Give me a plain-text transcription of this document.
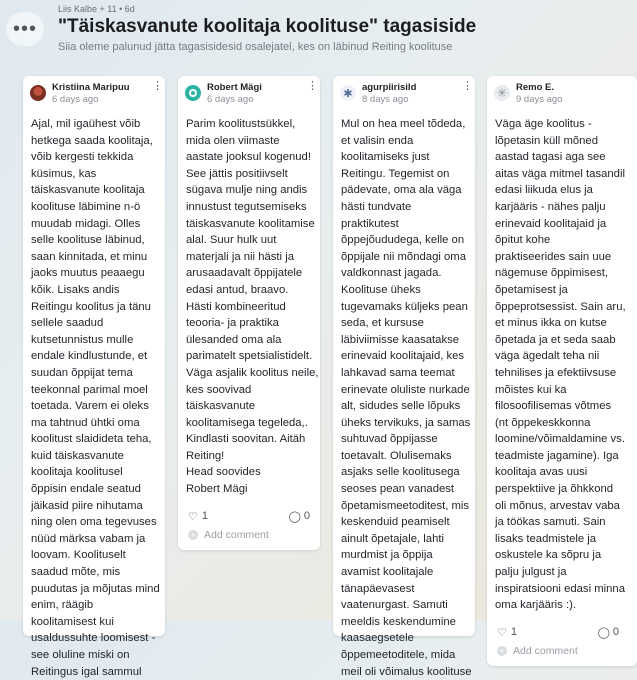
•••
Liis Kalbe + 11 • 6d
"Täiskasvanute koolitaja koolituse" tagasiside
Siia oleme palunud jätta tagasisidesid osalejatel, kes on läbinud Reiting koolituse
Kristiina Maripuu
6 days ago
⋮

Ajal, mil igaühest võib

hetkega saada koolitaja,

võib kergesti tekkida

küsimus, kas

täiskasvanute koolitaja

koolituse läbimine n-ö

muudab midagi. Olles

selle koolituse läbinud,

saan kinnitada, et minu

jaoks muutus peaaegu

kõik. Lisaks andis

Reitingu koolitus ja tänu

sellele saadud

kutsetunnistus mulle

endale kindlustunde, et

suudan õppijat tema

teekonnal parimal moel

toetada. Varem ei oleks

ma tahtnud ühtki oma

koolitust slaidideta teha,

kuid täiskasvanute

koolitaja koolitusel

õppisin endale seatud

jäikasid piire nihutama

ning olen oma tegevuses

nüüd märksa vabam ja

loovam. Koolituselt

saadud mõte, mis

puudutas ja mõjutas mind

enim, räägib

koolitamisest kui

usaldussuhte loomisest -

see oluline miski on

Reitingus igal sammul

Robert Mägi
6 days ago
⋮

Parim koolitustsükkel,

mida olen viimaste

aastate jooksul kogenud!

See jättis positiivselt

sügava mulje ning andis

innustust tegutsemiseks

täiskasvanute koolitamise

alal. Suur hulk uut

materjali ja nii hästi ja

arusaadavalt õppijatele

edasi antud, braavo.

Hästi kombineeritud

teooria- ja praktika

ülesanded oma ala

parimatelt spetsialistidelt.

Väga asjalik koolitus neile,

kes soovivad

täiskasvanute

koolitamisega tegeleda,.

Kindlasti soovitan. Aitäh

Reiting!

Head soovides

Robert Mägi

♡ 1	◯ 0
+ Add comment
✱ agurpiirisild
8 days ago
⋮

Mul on hea meel tõdeda,

et valisin enda

koolitamiseks just

Reitingu. Tegemist on

pädevate, oma ala väga

hästi tundvate

praktikutest

õppejõududega, kelle on

õppijale nii mõndagi oma

valdkonnast jagada.

Koolituse üheks

tugevamaks küljeks pean

seda, et kursuse

läbiviimisse kaasatakse

erinevaid koolitajaid, kes

lahkavad sama teemat

erinevate oluliste nurkade

alt, sidudes selle lõpuks

üheks tervikuks, ja samas

suhtuvad õppijasse

toetavalt. Olulisemaks

asjaks selle koolitusega

seoses pean vanadest

õpetamismeetoditest, mis

keskenduid peamiselt

ainult õpetajale, lahti

murdmist ja õppija

avamist koolitajale

tänapäevasest

vaatenurgast. Samuti

meeldis keskendumine

kaasaegsetele

õppemeetoditele, mida

meil oli võimalus koolituse

✳ Remo E.
9 days ago

Väga äge koolitus -

lõpetasin küll mõned

aastad tagasi aga see

aitas väga mitmel tasandil

edasi liikuda elus ja

karjääris - nähes palju

erinevaid koolitajaid ja

õpitut kohe

praktiseerides sain uue

nägemuse õppimisest,

õpetamisest ja

õppeprotsessist. Sain aru,

et minus ikka on kutse

õpetada ja et seda saab

väga ägedalt teha nii

tehnilises ja efektiivsuse

mõistes kui ka

filosoofilisemas võtmes

(nt õppekeskkonna

loomine/võimaldamine vs.

teadmiste jagamine). Iga

koolitaja avas uusi

perspektiive ja õhkkond

oli mõnus, arvestav vaba

ja töökas samuti. Sain

lisaks teadmistele ja

oskustele ka sõpru ja

palju julgust ja

inspiratsiooni edasi minna

oma karjääris :).

♡ 1	◯ 0
+ Add comment
